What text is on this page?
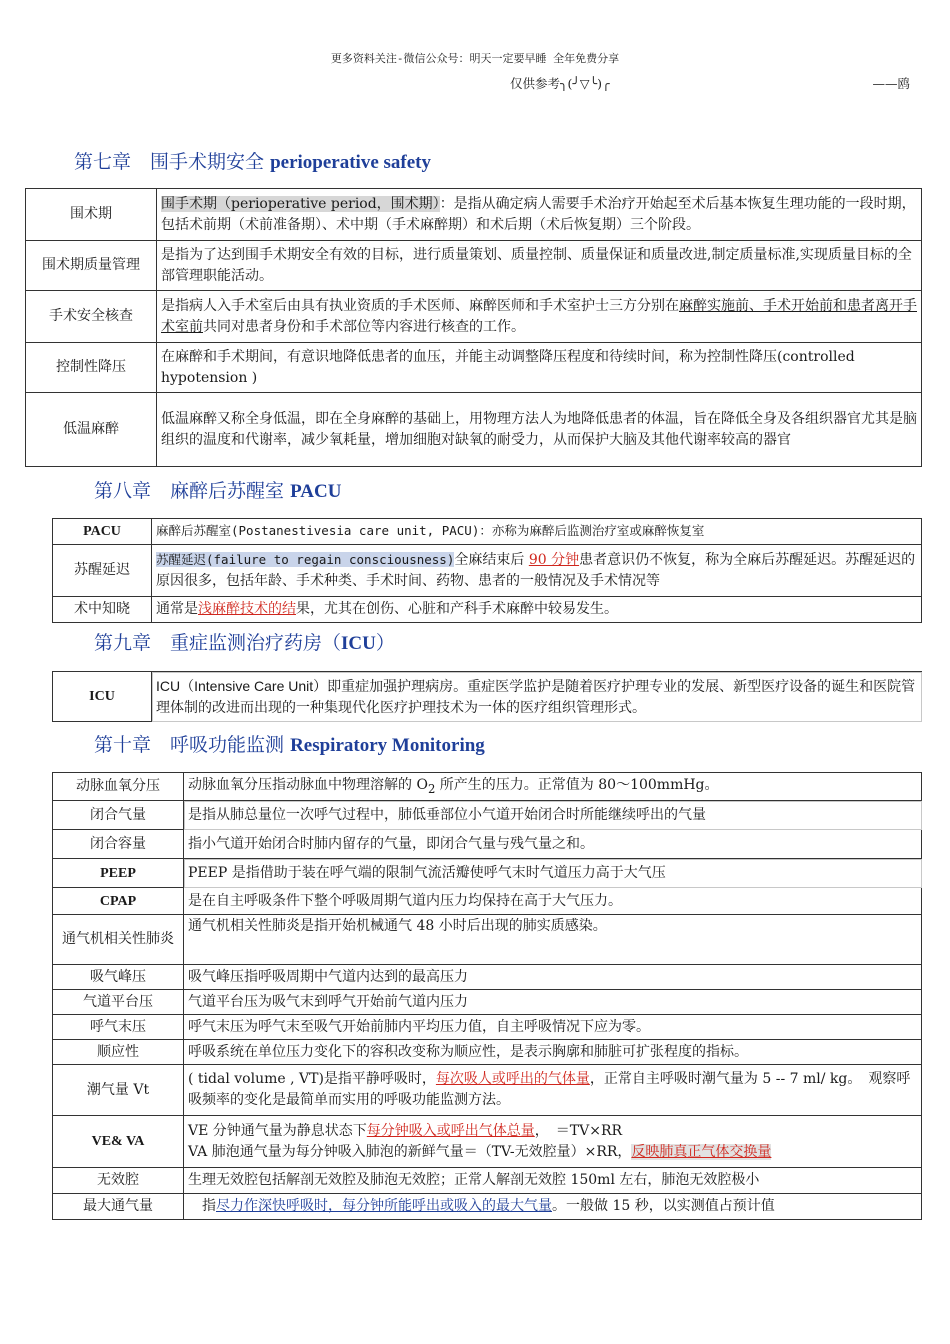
更多资料关注-微信公众号：明天一定要早睡 全年免费分享
仅供参考╮(╯▽╰)╭	——鸥
第七章　围手术期安全 perioperative safety
围术期	围手术期（perioperative period，围术期）：是指从确定病人需要手术治疗开始起至术后基本恢复生理功能的一段时期，包括术前期（术前准备期）、术中期（手术麻醉期）和术后期（术后恢复期）三个阶段。
围术期质量管理	是指为了达到围手术期安全有效的目标，进行质量策划、质量控制、质量保证和质量改进,制定质量标准,实现质量目标的全部管理职能活动。
手术安全核查	是指病人入手术室后由具有执业资质的手术医师、麻醉医师和手术室护士三方分别在麻醉实施前、手术开始前和患者离开手术室前共同对患者身份和手术部位等内容进行核查的工作。
控制性降压	在麻醉和手术期间，有意识地降低患者的血压，并能主动调整降压程度和待续时间，称为控制性降压(controlled hypotension )
低温麻醉	低温麻醉又称全身低温，即在全身麻醉的基础上，用物理方法人为地降低患者的体温，旨在降低全身及各组织器官尤其是脑组织的温度和代谢率，减少氧耗量，增加细胞对缺氧的耐受力，从而保护大脑及其他代谢率较高的器官
第八章　麻醉后苏醒室 PACU
PACU	麻醉后苏醒室(Postanestivesia care unit, PACU)：亦称为麻醉后监测治疗室或麻醉恢复室
苏醒延迟	苏醒延迟(failure to regain consciousness)全麻结束后 90 分钟患者意识仍不恢复，称为全麻后苏醒延迟。苏醒延迟的原因很多，包括年龄、手术种类、手术时间、药物、患者的一般情况及手术情况等
术中知晓	通常是浅麻醉技术的结果，尤其在创伤、心脏和产科手术麻醉中较易发生。
第九章　重症监测治疗药房（ICU）
ICU	ICU（Intensive Care Unit）即重症加强护理病房。重症医学监护是随着医疗护理专业的发展、新型医疗设备的诞生和医院管理体制的改进而出现的一种集现代化医疗护理技术为一体的医疗组织管理形式。
第十章　呼吸功能监测 Respiratory Monitoring
动脉血氧分压	动脉血氧分压指动脉血中物理溶解的 $O_2$ 所产生的压力。正常值为 80～100mmHg。
闭合气量	是指从肺总量位一次呼气过程中，肺低垂部位小气道开始闭合时所能继续呼出的气量
闭合容量	指小气道开始闭合时肺内留存的气量，即闭合气量与残气量之和。
PEEP	PEEP 是指借助于装在呼气端的限制气流活瓣使呼气末时气道压力高于大气压
CPAP	是在自主呼吸条件下整个呼吸周期气道内压力均保持在高于大气压力。
通气机相关性肺炎	通气机相关性肺炎是指开始机械通气 48 小时后出现的肺实质感染。
吸气峰压	吸气峰压指呼吸周期中气道内达到的最高压力
气道平台压	气道平台压为吸气末到呼气开始前气道内压力
呼气末压	呼气末压为呼气末至吸气开始前肺内平均压力值，自主呼吸情况下应为零。
顺应性	呼吸系统在单位压力变化下的容积改变称为顺应性，是表示胸廓和肺脏可扩张程度的指标。
潮气量 Vt	( tidal volume , VT)是指平静呼吸时，每次吸人或呼出的气体量，正常自主呼吸时潮气量为 5 -- 7 ml/ kg。　观察呼吸频率的变化是最简单而实用的呼吸功能监测方法。
VE& VA	VE 分钟通气量为静息状态下每分钟吸入或呼出气体总量，　＝TV×RR
VA 肺泡通气量为每分钟吸入肺泡的新鲜气量＝（TV-无效腔量）×RR，反映肺真正气体交换量
无效腔	生理无效腔包括解剖无效腔及肺泡无效腔；正常人解剖无效腔 150ml 左右，肺泡无效腔极小
最大通气量	　指尽力作深快呼吸时，每分钟所能呼出或吸入的最大气量。一般做 15 秒，以实测值占预计值
